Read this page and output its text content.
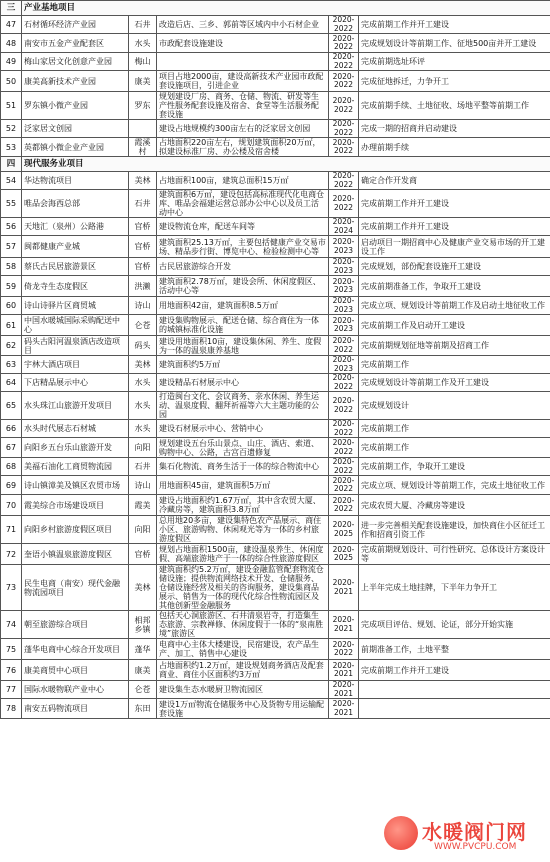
三	产业基地项目				
47	石材循环经济产业园	石井	改造后店、三乡、郭前等区域内中小石材企业	2020-2022	完成前期工作并开工建设
48	南安市五金产业配套区	水头	市政配套设施建设	2020-2022	完成规划设计等前期工作、征地500亩并开工建设
49	梅山家居文化创意产业园	梅山		2020-2022	完成前期选址环评
50	康美高新技术产业园	康美	项目占地2000亩，建设高新技术产业园市政配套设施项目，引进企业	2020-2022	完成征地拆迁，力争开工
51	罗东镇小微产业园	罗东	规划建设厂房、商务、仓储、物流、研发等生产性服务配套设施及宿舍、食堂等生活服务配套设施	2020-2022	完成前期手续、土地征收、场地平整等前期工作
52	泛家居文创园		建设占地规模约300亩左右的泛家居文创园	2020-2022	完成一期的招商并启动建设
53	英都镇小微企业产业园	霞溪村	占地面积220亩左右，规划建筑面积20万㎡，拟建设标准厂房、办公楼及宿舍楼	2020-2022	办理前期手续
四	现代服务业项目				
54	华达物流项目	美林	占地面积100亩，建筑总面积15万㎡	2020-2022	确定合作开发商
55	唯品会海西总部	石井	建筑面积6万㎡，建设包括高标准现代化电商仓库、唯品会福建运营总部办公中心以及员工活动中心	2020-2022	完成前期工作并开工建设
56	天地汇（泉州）公路港	官桥	建设物流仓库，配送车间等	2020-2024	完成前期工作并开工建设
57	闽都健康产业城	官桥	建筑面积25.13万㎡，主要包括健康产业交易市场、精品步行街、博览中心、检验检测中心等	2020-2023	启动项目一期招商中心及健康产业交易市场的开工建设工作
58	蔡氏古民居旅游景区	官桥	古民居旅游综合开发	2020-2023	完成规划，部份配套设施开工建设
59	倚龙寺生态度假区	洪濑	建筑面积2.78万㎡，建设会所、休闲度假区、活动中心等	2020-2023	完成前期准备工作，争取开工建设
60	诗山诗驿片区商贸城	诗山	用地面积42亩，建筑面积8.5万㎡	2020-2023	完成立项、规划设计等前期工作及启动土地征收工作
61	中国水暖城国际采购配送中心	仑苍	建设集购物展示、配送仓储、综合商住为一体的城镇标准化设施	2020-2023	完成前期工作及启动开工建设
62	码头古阳河温泉酒店改造项目	码头	建设用地面积10亩，建设集休闲、养生、度假为一体的温泉康养基地	2020-2022	完成前期规划征地等前期及招商工作
63	宇林大酒店项目	美林	建筑面积约5万㎡	2020-2023	完成前期工作
64	下店精品展示中心	水头	建设精品石材展示中心	2020-2022	完成规划设计等前期工作及开工建设
65	水头珠江山旅游开发项目	水头	打造闽台文化、会议商务、亲水休闲、养生运动、温泉度假、翻拜祈福等六大主题功能的公园	2020-2022	完成规划设计
66	水头时代展志石材城	水头	建设石材展示中心、营销中心	2020-2022	完成前期工作
67	向阳乡五台乐山旅游开发	向阳	规划建设五台乐山景点、山庄、酒店、索道、购物中心、公路，古宫百遗修复	2020-2022	完成前期工作
68	美福石油化工商贸物流园	石井	集石化物流、商务生活于一体的综合物流中心	2020-2022	完成前期工作，争取开工建设
69	诗山镇漳美及镇区农贸市场	诗山	用地面积45亩，建筑面积5万㎡	2020-2022	完成立项、规划设计等前期工作，完成土地征收工作
70	霞美综合市场建设项目	霞美	建设占地面积约1.67万㎡，其中含农贸大厦、冷藏房等，建筑面积3.8万㎡	2020-2022	完成农贸大厦、冷藏房等建设
71	向阳乡村旅游度假区项目	向阳	总用地20多亩，建设集特色农产品展示、商住小区、旅游购物、休闲观光等为一体的乡村旅游度假区	2020-2025	进一步完善相关配套设施建设，加快商住小区征迁工作和招商引资工作
72	奎语小镇温泉旅游度假区	官桥	规划占地面积1500亩，建设温泉养生、休闲度假、高端旅游地产于一体的综合性旅游度假区	2020-2025	完成前期规划设计、可行性研究、总体设计方案设计等
73	民生电商（南安）现代金融物流园项目	美林	建筑面积约5.2万㎡，建设金融监管配套物流仓储设施；提供物流网络技术开发、仓储服务、仓储设施经营及相关的咨询服务，建设集商品展示、销售为一体的现代化综合性物流园区及其他创新型金融服务	2020-2021	上半年完成土地挂牌，下半年力争开工
74	朝至旅游综合项目	相邦乡镇	包括天心洞旅游区、石井清泉岩寺，打造集生态旅游、宗教禅修、休闲度假于一体的“泉南胜境”旅游区	2020-2021	完成项目评估、规划、论证，部分开始实施
75	蓬华电商中心综合开发项目	蓬华	电商中心主体大楼建设，民宿建设，农产品生产、加工、销售中心建设	2020-2022	前期准备工作，土地平整
76	康美商贸中心项目	康美	占地面积约1.2万㎡，建设规划商务酒店及配套商业、商住小区面积约3万㎡	2020-2021	完成前期工作并开工建设
77	国际水暖物联产业中心	仑苍	建设集生态水暖厨卫物流园区	2020-2021	
78	南安五码物流项目	东田	建设1万㎡物流仓储服务中心及货物专用运输配套设施	2020-2021	
水暖阀门网
WWW.PVCPU.COM
